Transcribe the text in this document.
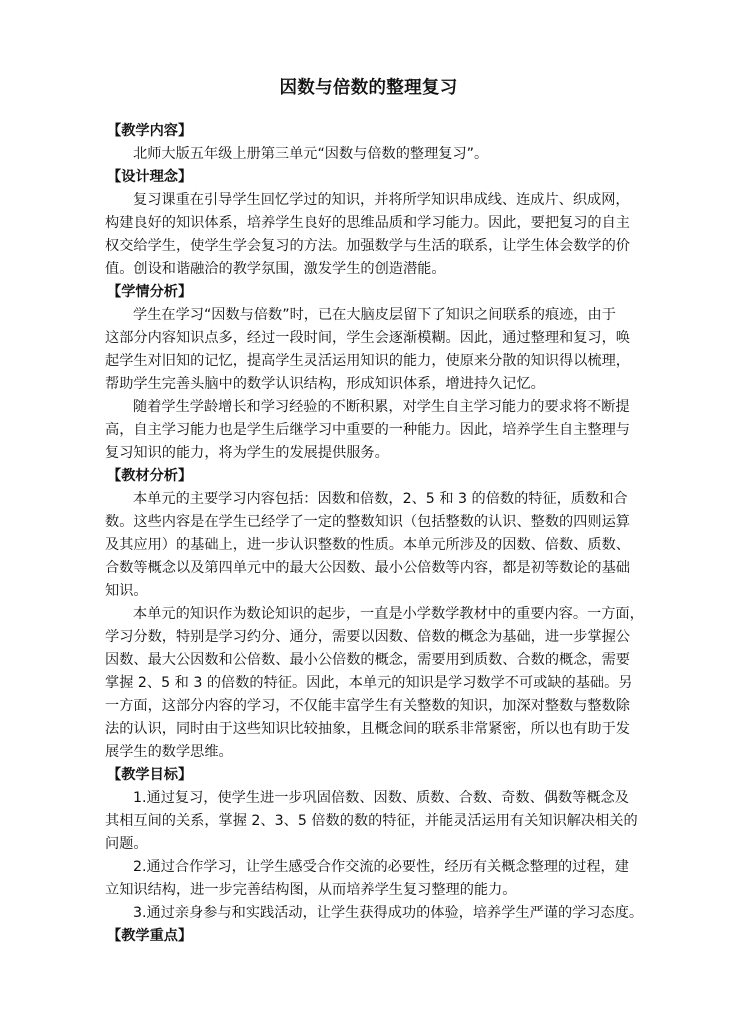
因数与倍数的整理复习
【教学内容】
北师大版五年级上册第三单元“因数与倍数的整理复习”。
【设计理念】
复习课重在引导学生回忆学过的知识，并将所学知识串成线、连成片、织成网，
构建良好的知识体系，培养学生良好的思维品质和学习能力。因此，要把复习的自主
权交给学生，使学生学会复习的方法。加强数学与生活的联系，让学生体会数学的价
值。创设和谐融洽的教学氛围，激发学生的创造潜能。
【学情分析】
学生在学习“因数与倍数”时，已在大脑皮层留下了知识之间联系的痕迹，由于
这部分内容知识点多，经过一段时间，学生会逐渐模糊。因此，通过整理和复习，唤
起学生对旧知的记忆，提高学生灵活运用知识的能力，使原来分散的知识得以梳理，
帮助学生完善头脑中的数学认识结构，形成知识体系，增进持久记忆。
随着学生学龄增长和学习经验的不断积累，对学生自主学习能力的要求将不断提
高，自主学习能力也是学生后继学习中重要的一种能力。因此，培养学生自主整理与
复习知识的能力，将为学生的发展提供服务。
【教材分析】
本单元的主要学习内容包括：因数和倍数，2、5 和 3 的倍数的特征，质数和合
数。这些内容是在学生已经学了一定的整数知识（包括整数的认识、整数的四则运算
及其应用）的基础上，进一步认识整数的性质。本单元所涉及的因数、倍数、质数、
合数等概念以及第四单元中的最大公因数、最小公倍数等内容，都是初等数论的基础
知识。
本单元的知识作为数论知识的起步，一直是小学数学教材中的重要内容。一方面，
学习分数，特别是学习约分、通分，需要以因数、倍数的概念为基础，进一步掌握公
因数、最大公因数和公倍数、最小公倍数的概念，需要用到质数、合数的概念，需要
掌握 2、5 和 3 的倍数的特征。因此，本单元的知识是学习数学不可或缺的基础。另
一方面，这部分内容的学习，不仅能丰富学生有关整数的知识，加深对整数与整数除
法的认识，同时由于这些知识比较抽象，且概念间的联系非常紧密，所以也有助于发
展学生的数学思维。
【教学目标】
1.通过复习，使学生进一步巩固倍数、因数、质数、合数、奇数、偶数等概念及
其相互间的关系，掌握 2、3、5 倍数的数的特征，并能灵活运用有关知识解决相关的
问题。
2.通过合作学习，让学生感受合作交流的必要性，经历有关概念整理的过程，建
立知识结构，进一步完善结构图，从而培养学生复习整理的能力。
3.通过亲身参与和实践活动，让学生获得成功的体验，培养学生严谨的学习态度。
【教学重点】
